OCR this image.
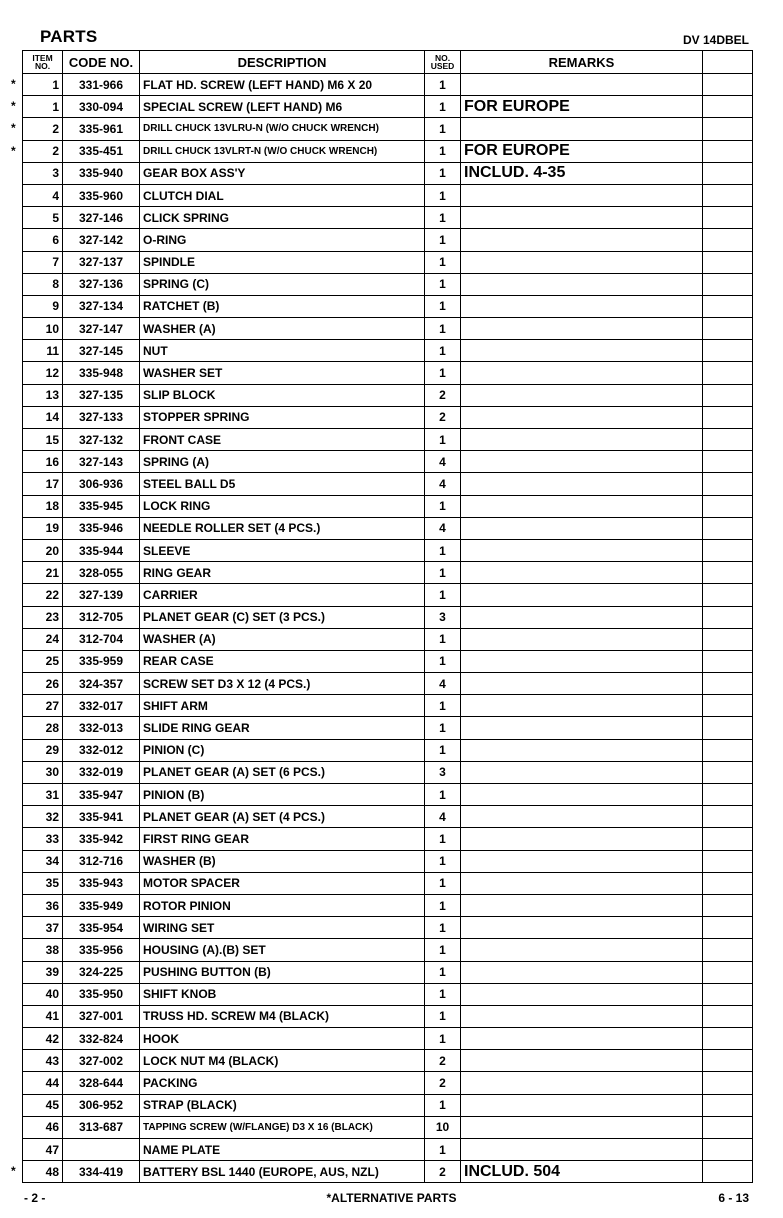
PARTS	DV 14DBEL
ITEM
NO.	CODE NO.	DESCRIPTION	NO.
USED	REMARKS	

* 1	331-966	FLAT HD. SCREW (LEFT HAND) M6 X 20	1		

* 1	330-094	SPECIAL SCREW (LEFT HAND) M6	1	FOR EUROPE	

* 2	335-961	DRILL CHUCK 13VLRU-N (W/O CHUCK WRENCH)	1		

* 2	335-451	DRILL CHUCK 13VLRT-N (W/O CHUCK WRENCH)	1	FOR EUROPE	

3	335-940	GEAR BOX ASS'Y	1	INCLUD. 4-35	

4	335-960	CLUTCH DIAL	1		

5	327-146	CLICK SPRING	1		

6	327-142	O-RING	1		

7	327-137	SPINDLE	1		

8	327-136	SPRING (C)	1		

9	327-134	RATCHET (B)	1		

10	327-147	WASHER (A)	1		

11	327-145	NUT	1		

12	335-948	WASHER SET	1		

13	327-135	SLIP BLOCK	2		

14	327-133	STOPPER SPRING	2		

15	327-132	FRONT CASE	1		

16	327-143	SPRING (A)	4		

17	306-936	STEEL BALL D5	4		

18	335-945	LOCK RING	1		

19	335-946	NEEDLE ROLLER SET (4 PCS.)	4		

20	335-944	SLEEVE	1		

21	328-055	RING GEAR	1		

22	327-139	CARRIER	1		

23	312-705	PLANET GEAR (C) SET (3 PCS.)	3		

24	312-704	WASHER (A)	1		

25	335-959	REAR CASE	1		

26	324-357	SCREW SET D3 X 12 (4 PCS.)	4		

27	332-017	SHIFT ARM	1		

28	332-013	SLIDE RING GEAR	1		

29	332-012	PINION (C)	1		

30	332-019	PLANET GEAR (A) SET (6 PCS.)	3		

31	335-947	PINION (B)	1		

32	335-941	PLANET GEAR (A) SET (4 PCS.)	4		

33	335-942	FIRST RING GEAR	1		

34	312-716	WASHER (B)	1		

35	335-943	MOTOR SPACER	1		

36	335-949	ROTOR PINION	1		

37	335-954	WIRING SET	1		

38	335-956	HOUSING (A).(B) SET	1		

39	324-225	PUSHING BUTTON (B)	1		

40	335-950	SHIFT KNOB	1		

41	327-001	TRUSS HD. SCREW M4 (BLACK)	1		

42	332-824	HOOK	1		

43	327-002	LOCK NUT M4 (BLACK)	2		

44	328-644	PACKING	2		

45	306-952	STRAP (BLACK)	1		

46	313-687	TAPPING SCREW (W/FLANGE) D3 X 16 (BLACK)	10		

47		NAME PLATE	1		

* 48	334-419	BATTERY BSL 1440 (EUROPE, AUS, NZL)	2	INCLUD. 504	
- 2 -	*ALTERNATIVE PARTS	6 - 13
